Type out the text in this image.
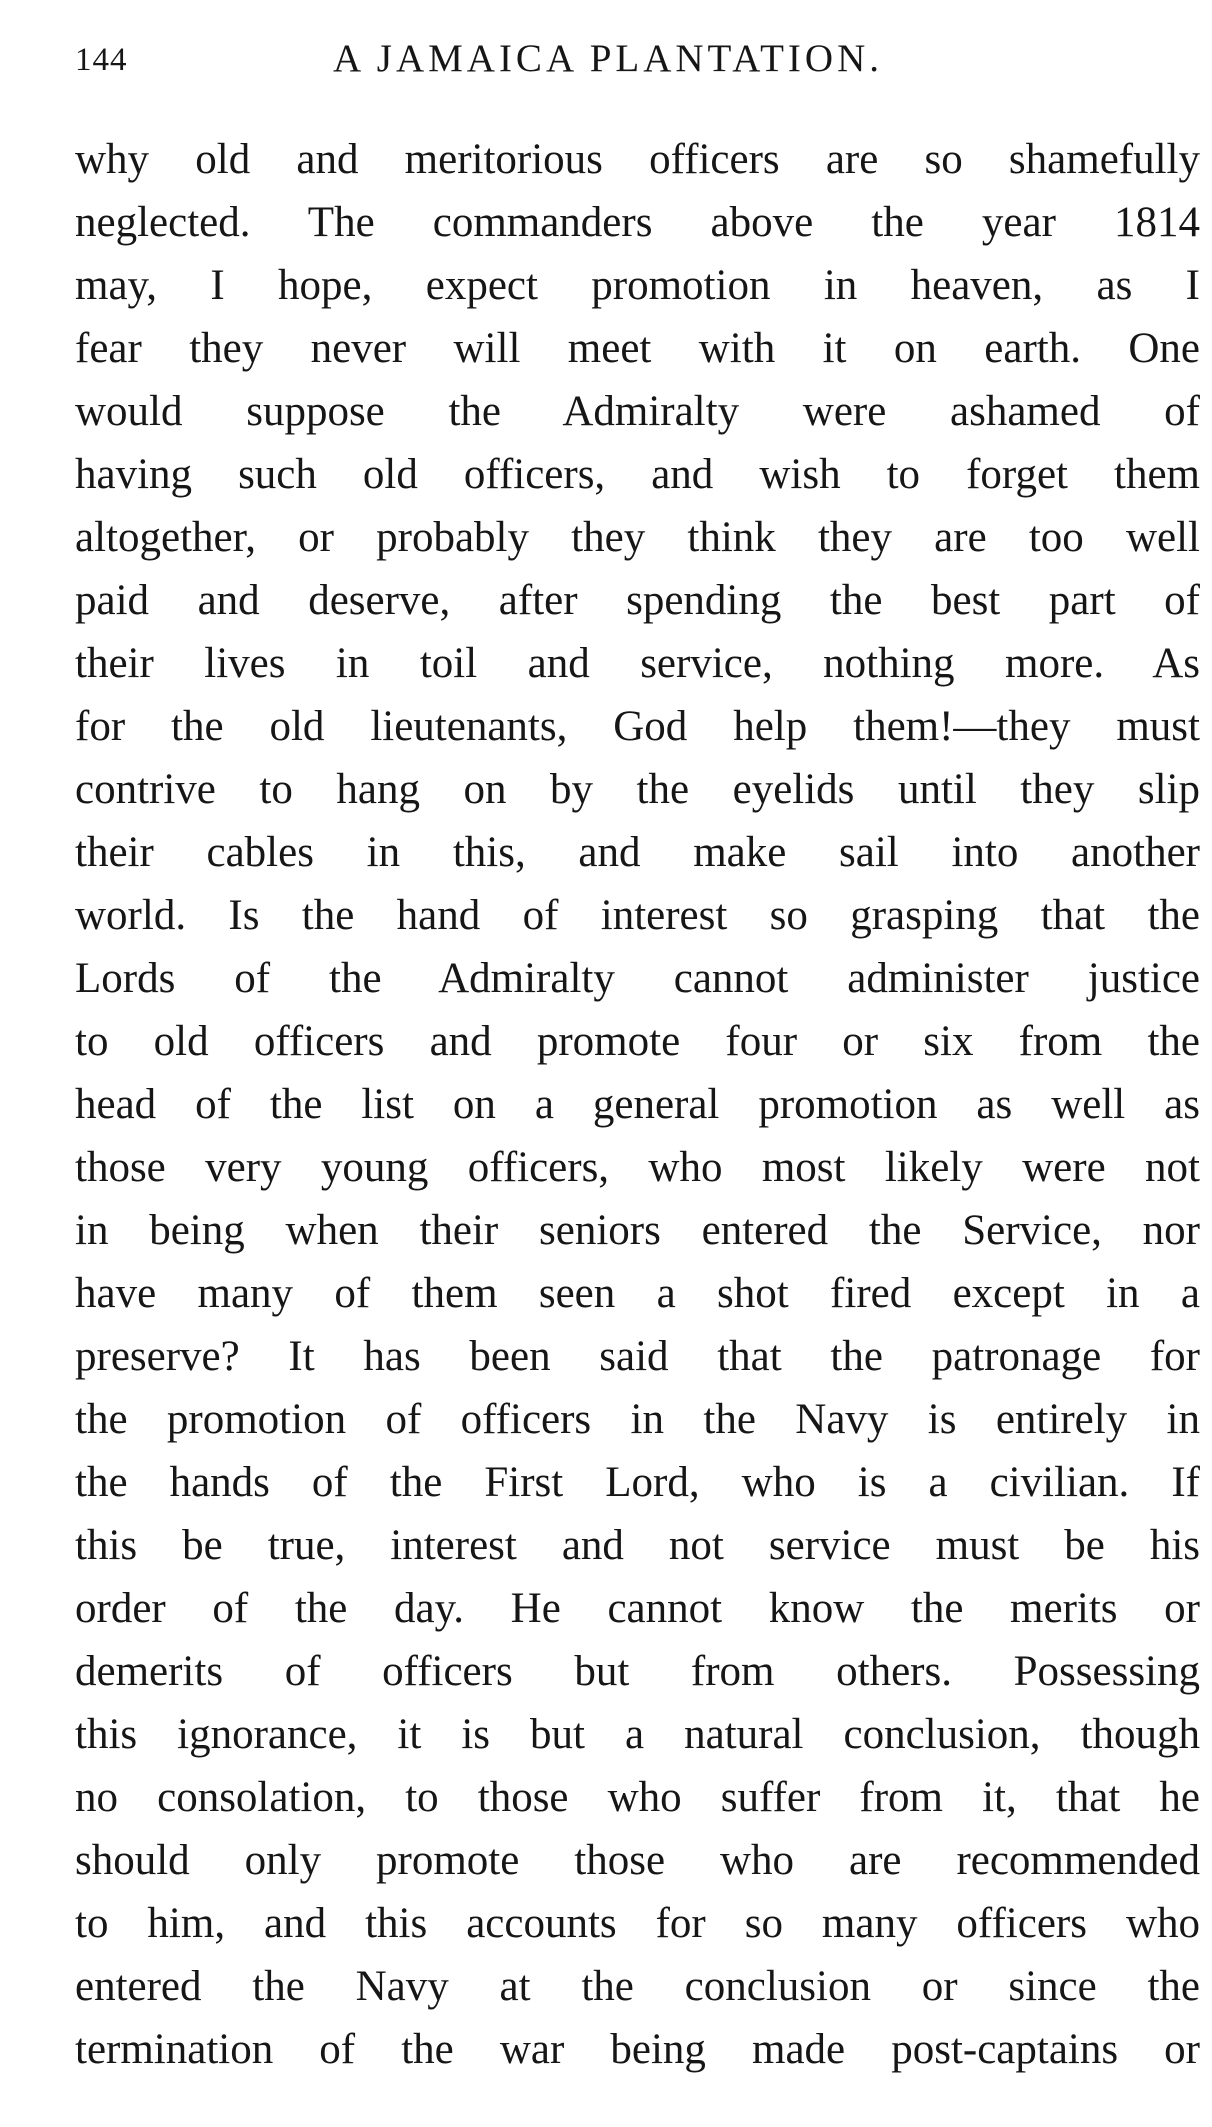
144	A JAMAICA PLANTATION.
why old and meritorious officers are so shamefully
neglected. The commanders above the year 1814
may, I hope, expect promotion in heaven, as I
fear they never will meet with it on earth. One
would suppose the Admiralty were ashamed of
having such old officers, and wish to forget them
altogether, or probably they think they are too well
paid and deserve, after spending the best part of
their lives in toil and service, nothing more. As
for the old lieutenants, God help them!—they must
contrive to hang on by the eyelids until they slip
their cables in this, and make sail into another
world. Is the hand of interest so grasping that the
Lords of the Admiralty cannot administer justice
to old officers and promote four or six from the
head of the list on a general promotion as well as
those very young officers, who most likely were not
in being when their seniors entered the Service, nor
have many of them seen a shot fired except in a
preserve? It has been said that the patronage for
the promotion of officers in the Navy is entirely in
the hands of the First Lord, who is a civilian. If
this be true, interest and not service must be his
order of the day. He cannot know the merits or
demerits of officers but from others. Possessing
this ignorance, it is but a natural conclusion, though
no consolation, to those who suffer from it, that he
should only promote those who are recommended
to him, and this accounts for so many officers who
entered the Navy at the conclusion or since the
termination of the war being made post-captains or
